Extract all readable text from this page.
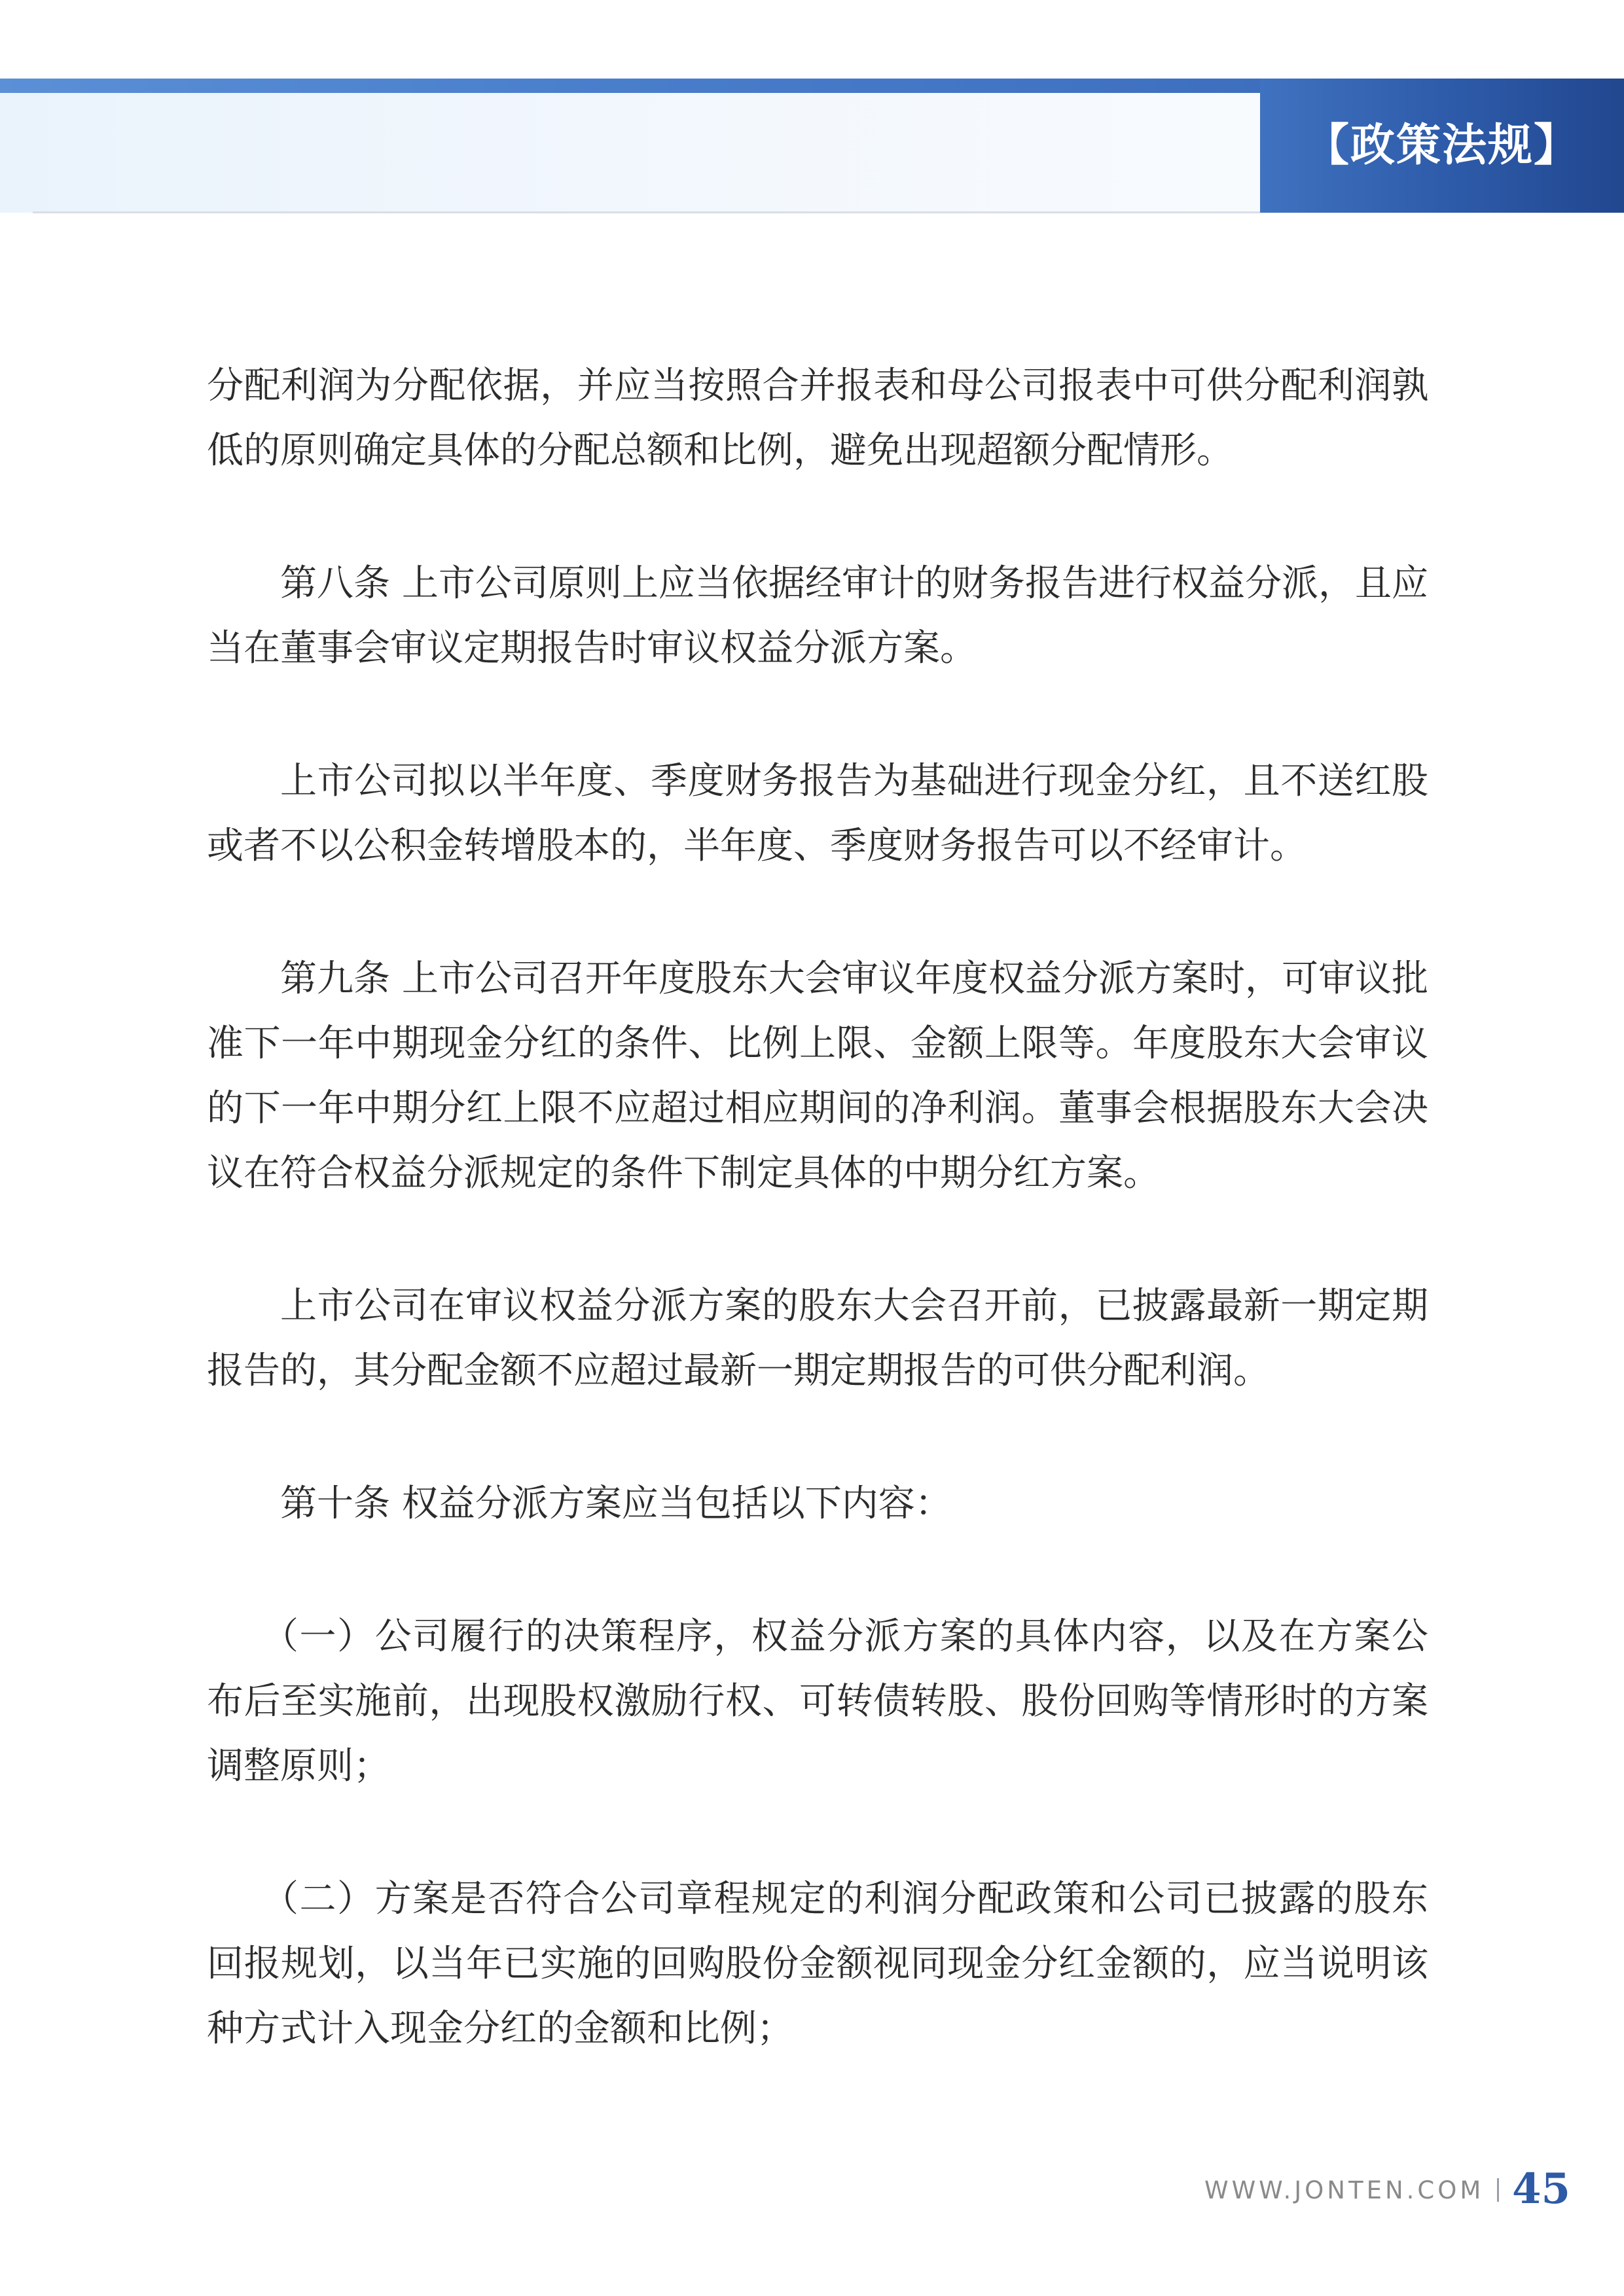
【政策法规】

分配利润为分配依据，并应当按照合并报表和母公司报表中可供分配利润孰低的原则确定具体的分配总额和比例，避免出现超额分配情形。

第八条 上市公司原则上应当依据经审计的财务报告进行权益分派，且应当在董事会审议定期报告时审议权益分派方案。

上市公司拟以半年度、季度财务报告为基础进行现金分红，且不送红股或者不以公积金转增股本的，半年度、季度财务报告可以不经审计。

第九条 上市公司召开年度股东大会审议年度权益分派方案时，可审议批准下一年中期现金分红的条件、比例上限、金额上限等。年度股东大会审议的下一年中期分红上限不应超过相应期间的净利润。董事会根据股东大会决议在符合权益分派规定的条件下制定具体的中期分红方案。

上市公司在审议权益分派方案的股东大会召开前，已披露最新一期定期报告的，其分配金额不应超过最新一期定期报告的可供分配利润。

第十条 权益分派方案应当包括以下内容：

（一）公司履行的决策程序，权益分派方案的具体内容，以及在方案公布后至实施前，出现股权激励行权、可转债转股、股份回购等情形时的方案调整原则；

（二）方案是否符合公司章程规定的利润分配政策和公司已披露的股东回报规划，以当年已实施的回购股份金额视同现金分红金额的，应当说明该种方式计入现金分红的金额和比例；

WWW.JONTEN.COM 45
